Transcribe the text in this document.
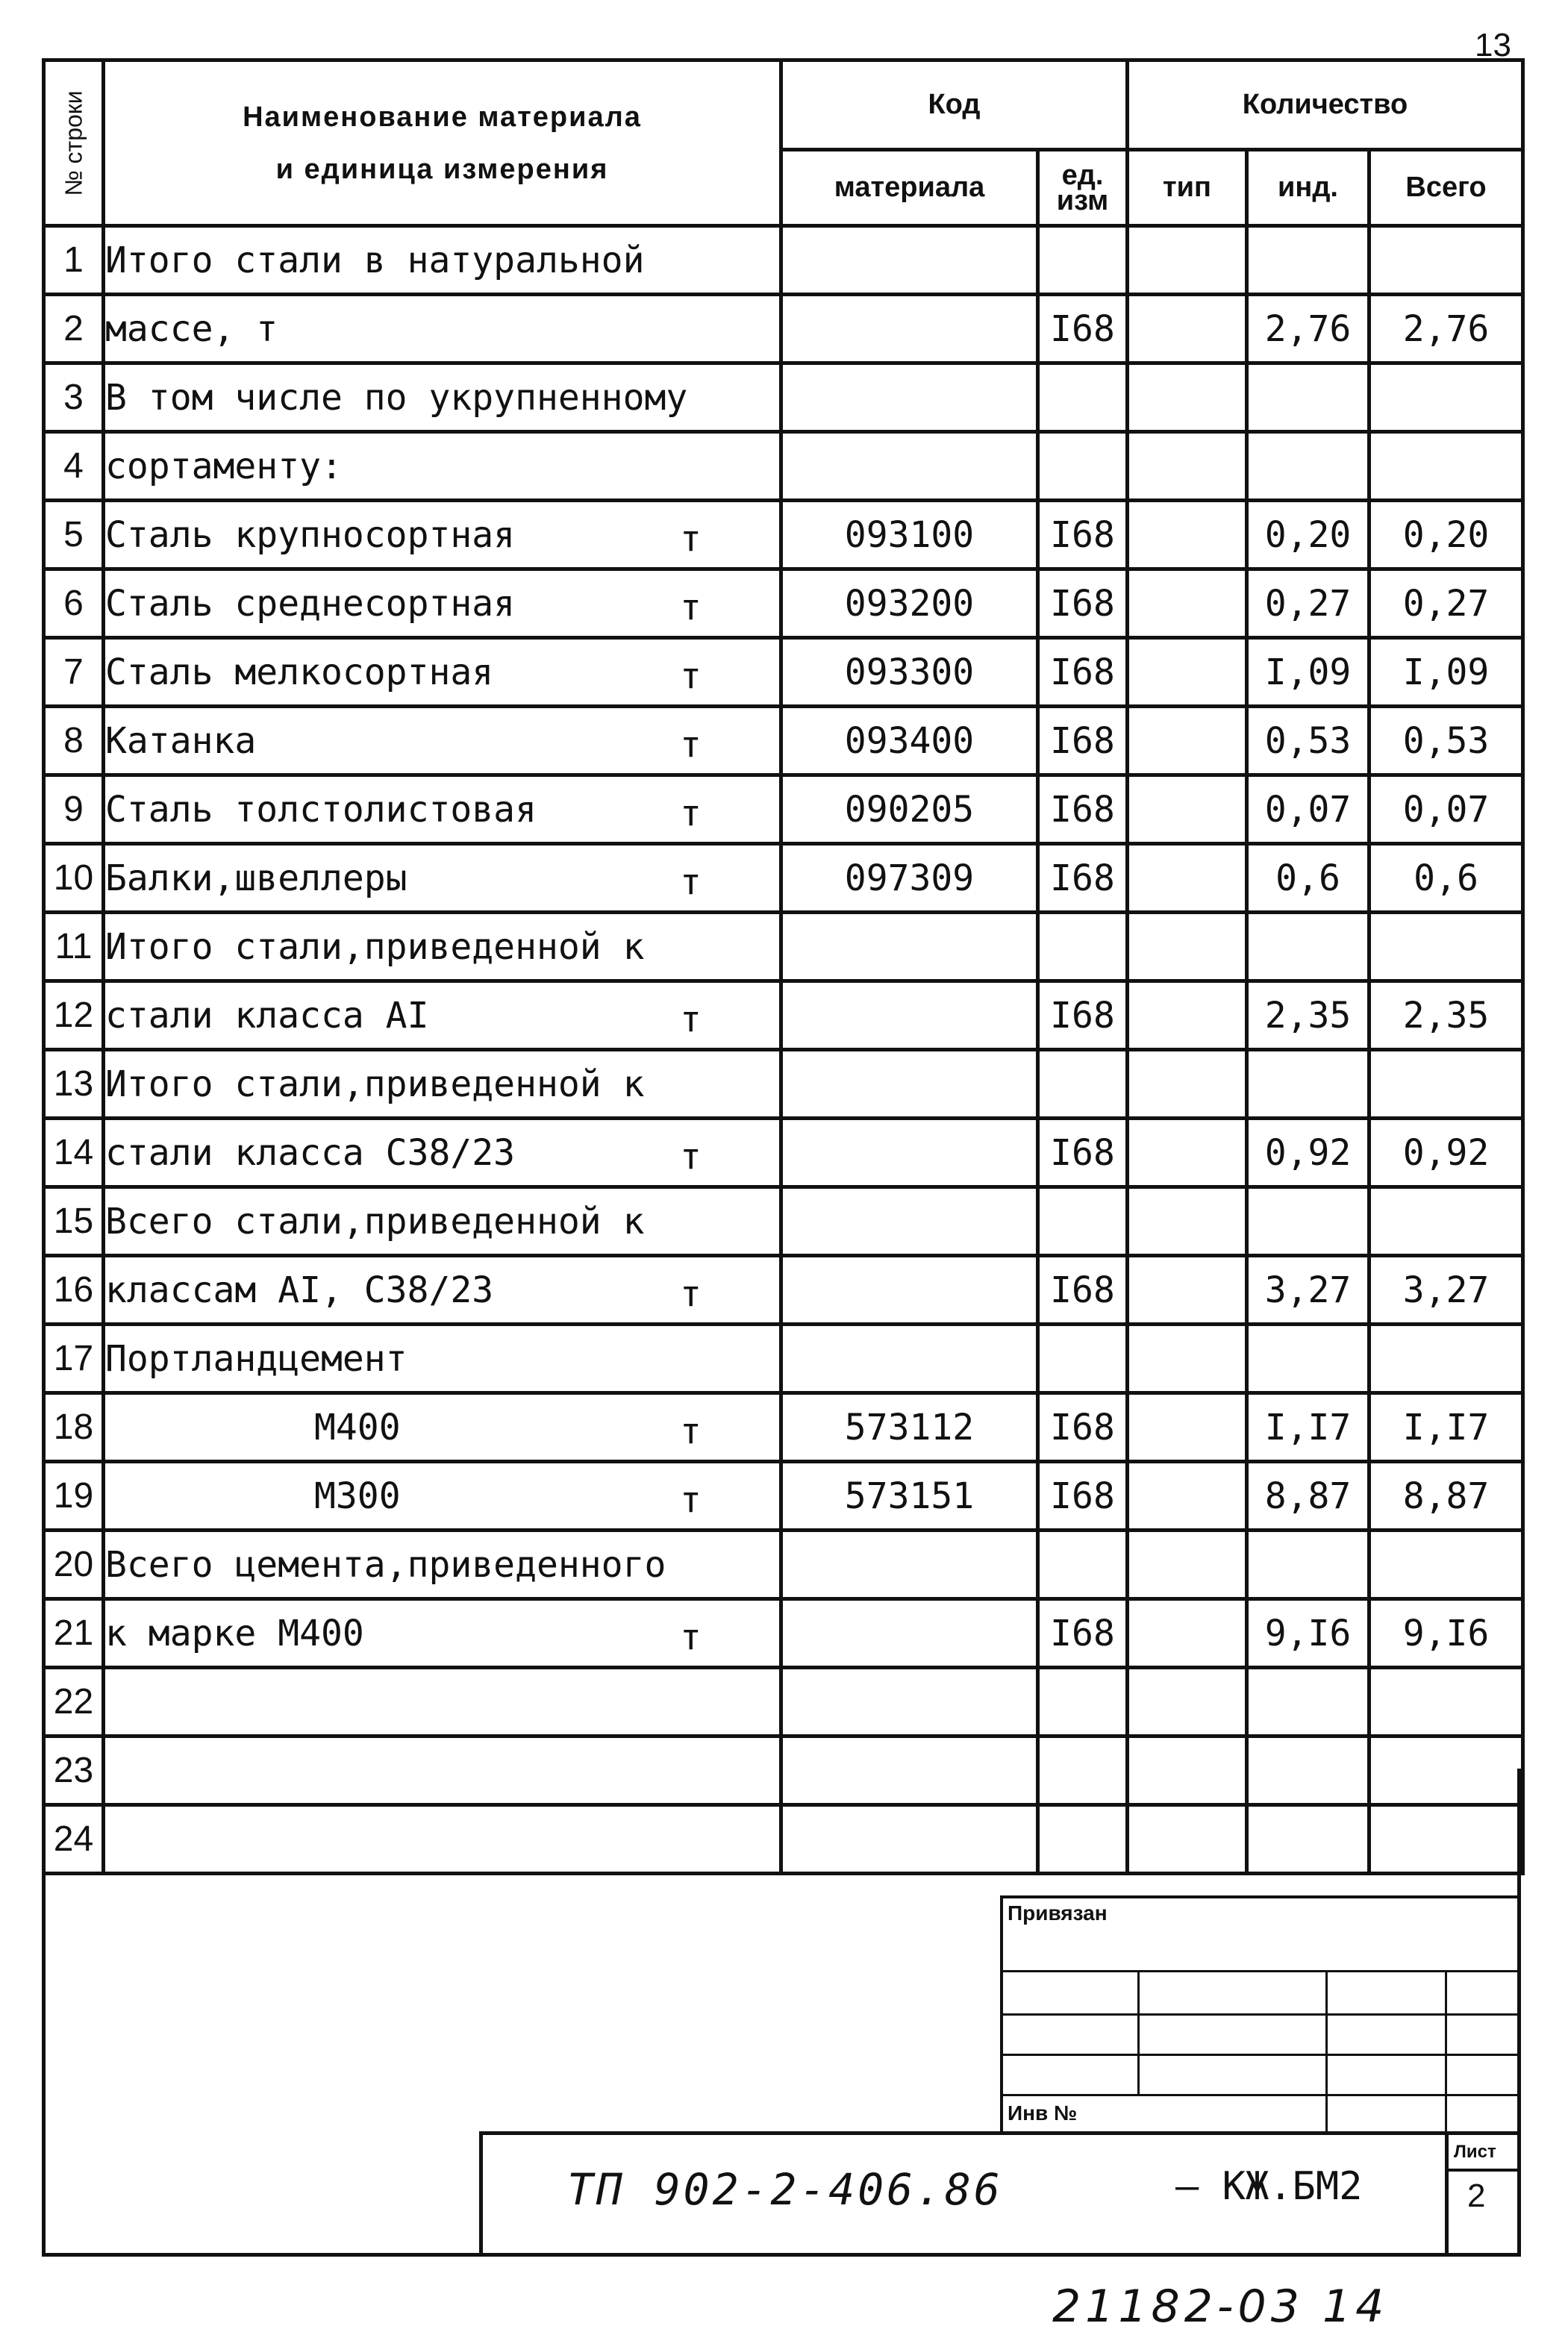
13
№ строки	Наименование материала
и единица измерения	Код		Количество		
		материала	ед. изм	тип	инд.	Всего
1	Итого стали в натуральной

2	массе, т		I68		2,76	2,76
3	В том числе по укрупненному

4	сортаменту:

5	Сталь крупносортная т	093100	I68		0,20	0,20
6	Сталь среднесортная т	093200	I68		0,27	0,27
7	Сталь мелкосортная т	093300	I68		I,09	I,09
8	Катанка т	093400	I68		0,53	0,53
9	Сталь толстолистовая т	090205	I68		0,07	0,07
10	Балки,швеллеры т	097309	I68		0,6	0,6
11	Итого стали,приведенной к

12	стали класса AI т		I68		2,35	2,35
13	Итого стали,приведенной к

14	стали класса С38/23 т		I68		0,92	0,92
15	Всего стали,приведенной к

16	классам AI, С38/23 т		I68		3,27	3,27
17	Портландцемент

18	М400 т	573112	I68		I,I7	I,I7
19	М300 т	573151	I68		8,87	8,87
20	Всего цемента,приведенного

21	к марке М400 т		I68		9,I6	9,I6
22	

23	

24	

Привязан
Инв №
ТП 902-2-406.86	– КЖ.БМ2
Лист
2
21182-03 14
